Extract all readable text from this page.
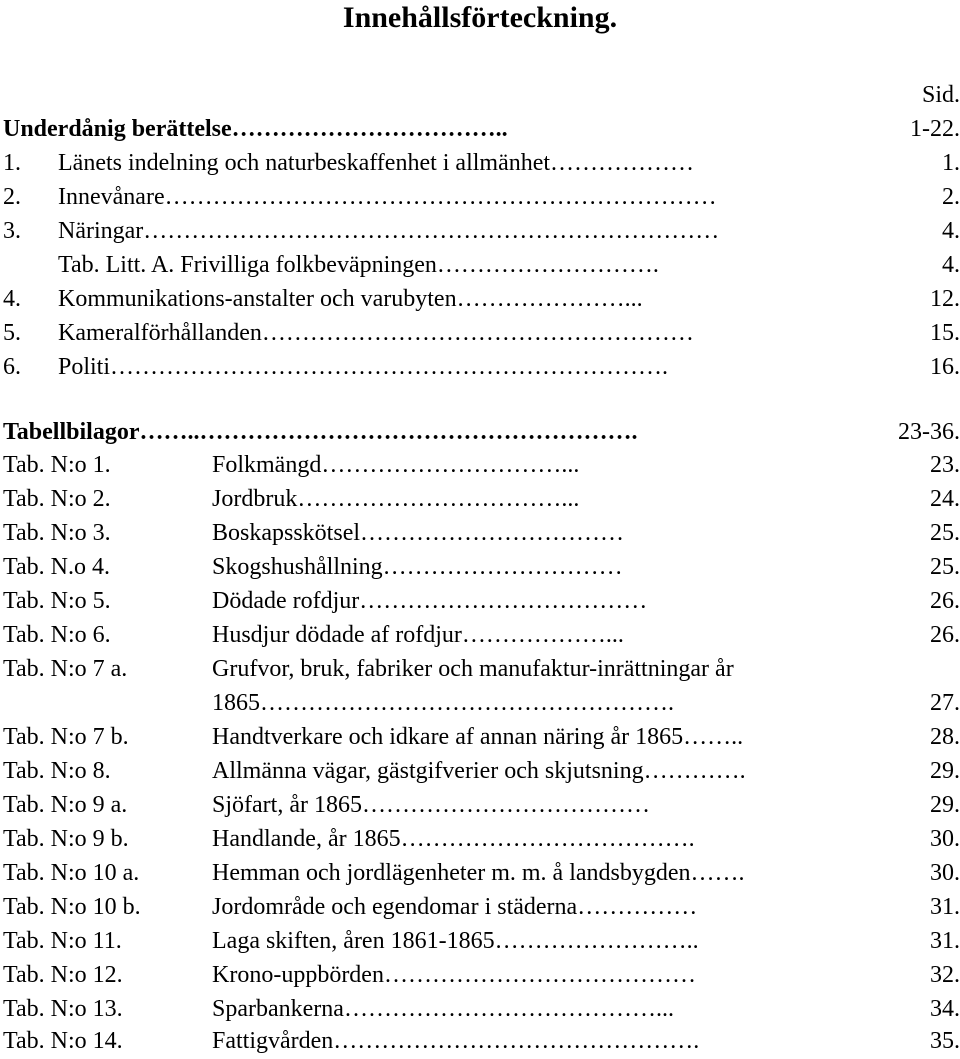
Innehållsförteckning.
Sid.
Underdånig berättelse……………………………..	1-22.
1. Länets indelning och naturbeskaffenhet i allmänhet………………	1.
2. Innevånare……………………………………………………………	2.
3. Näringar………………………………………………………………	4.
Tab. Litt. A. Frivilliga folkbeväpningen……………………….	4.
4. Kommunikations-anstalter och varubyten…………………...	12.
5. Kameralförhållanden………………………………………………	15.
6. Politi…………………………………………………………….	16.
Tabellbilagor……..……………………………………………….	23-36.
Tab. N:o 1.	Folkmängd…………………………...	23.
Tab. N:o 2.	Jordbruk……………………………...	24.
Tab. N:o 3.	Boskapsskötsel……………………………	25.
Tab. N.o 4.	Skogshushållning…………………………	25.
Tab. N:o 5.	Dödade rofdjur………………………………	26.
Tab. N:o 6.	Husdjur dödade af rofdjur………………...	26.
Tab. N:o 7 a.	Grufvor, bruk, fabriker och manufaktur-inrättningar år
1865…………………………………………….	27.
Tab. N:o 7 b.	Handtverkare och idkare af annan näring år 1865……..	28.
Tab. N:o 8.	Allmänna vägar, gästgifverier och skjutsning………….	29.
Tab. N:o 9 a.	Sjöfart, år 1865………………………………	29.
Tab. N:o 9 b.	Handlande, år 1865……………………………….	30.
Tab. N:o 10 a.	Hemman och jordlägenheter m. m. å landsbygden…….	30.
Tab. N:o 10 b.	Jordområde och egendomar i städerna……………	31.
Tab. N:o 11.	Laga skiften, åren 1861-1865……………………..	31.
Tab. N:o 12.	Krono-uppbörden…………………………………	32.
Tab. N:o 13.	Sparbankerna…………………………………...	34.
Tab. N:o 14.	Fattigvården……………………………………….	35.
